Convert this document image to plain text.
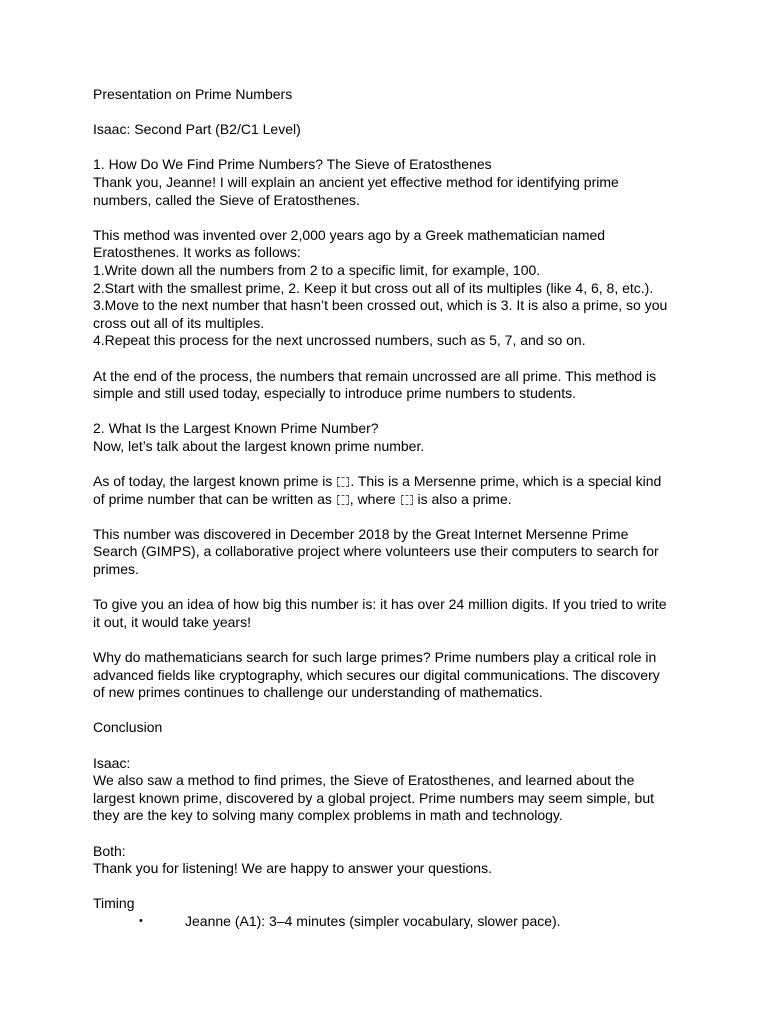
Presentation on Prime Numbers

Isaac: Second Part (B2/C1 Level)

1. How Do We Find Prime Numbers? The Sieve of Eratosthenes

Thank you, Jeanne! I will explain an ancient yet effective method for identifying prime

numbers, called the Sieve of Eratosthenes.

This method was invented over 2,000 years ago by a Greek mathematician named

Eratosthenes. It works as follows:

1.Write down all the numbers from 2 to a specific limit, for example, 100.

2.Start with the smallest prime, 2. Keep it but cross out all of its multiples (like 4, 6, 8, etc.).

3.Move to the next number that hasn’t been crossed out, which is 3. It is also a prime, so you

cross out all of its multiples.

4.Repeat this process for the next uncrossed numbers, such as 5, 7, and so on.

At the end of the process, the numbers that remain uncrossed are all prime. This method is

simple and still used today, especially to introduce prime numbers to students.

2. What Is the Largest Known Prime Number?

Now, let’s talk about the largest known prime number.

As of today, the largest known prime is . This is a Mersenne prime, which is a special kind

of prime number that can be written as , where  is also a prime.

This number was discovered in December 2018 by the Great Internet Mersenne Prime

Search (GIMPS), a collaborative project where volunteers use their computers to search for

primes.

To give you an idea of how big this number is: it has over 24 million digits. If you tried to write

it out, it would take years!

Why do mathematicians search for such large primes? Prime numbers play a critical role in

advanced fields like cryptography, which secures our digital communications. The discovery

of new primes continues to challenge our understanding of mathematics.

Conclusion

Isaac:

We also saw a method to find primes, the Sieve of Eratosthenes, and learned about the

largest known prime, discovered by a global project. Prime numbers may seem simple, but

they are the key to solving many complex problems in math and technology.

Both:

Thank you for listening! We are happy to answer your questions.

Timing

•	Jeanne (A1): 3–4 minutes (simpler vocabulary, slower pace).
